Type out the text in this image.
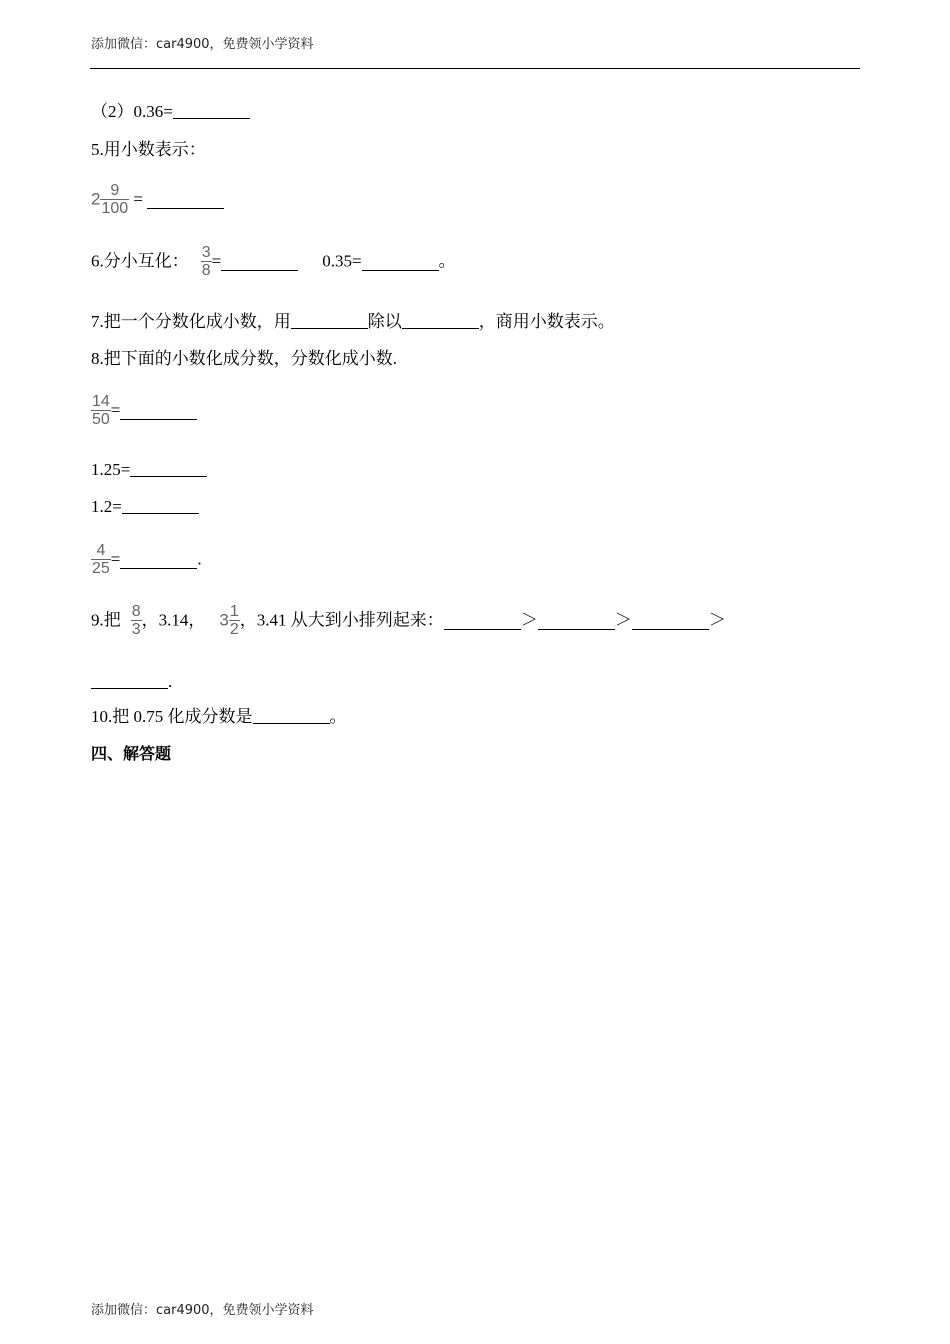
添加微信：car4900，免费领小学资料
（2）0.36=
5.用小数表示：
$2 \frac{9}{100}$ =
6.分小互化： $\frac{3}{8}$ =	0.35=	。
7.把一个分数化成小数，用	除以	，商用小数表示。
8.把下面的小数化成分数，分数化成小数.
$\frac{14}{50}$ =
1.25=
1.2=
$\frac{4}{25}$ =	.
9.把 $\frac{8}{3}$ ，3.14， $3 \frac{1}{2}$ ，3.41 从大到小排列起来：	＞	＞	＞
.
10.把 0.75 化成分数是	。
四、解答题
添加微信：car4900，免费领小学资料
